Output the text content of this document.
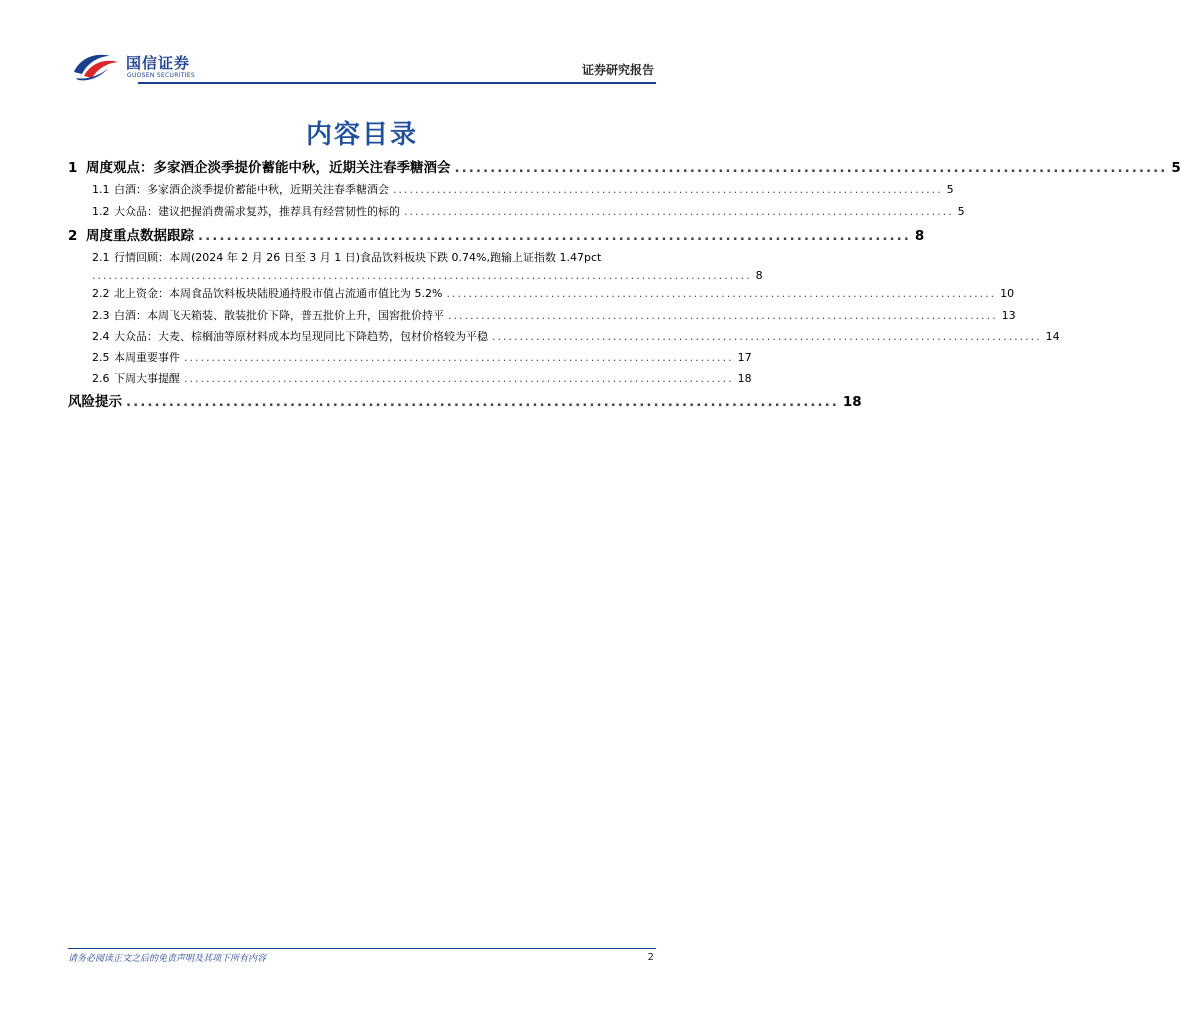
国信证券
GUOSEN SECURITIES	证券研究报告
内容目录
1 周度观点：多家酒企淡季提价蓄能中秋，近期关注春季糖酒会 .................................................................................................... 5
1.1 白酒：多家酒企淡季提价蓄能中秋，近期关注春季糖酒会 .................................................................................................... 5
1.2 大众品：建议把握消费需求复苏，推荐具有经营韧性的标的 .................................................................................................... 5
2 周度重点数据跟踪 .................................................................................................... 8
2.1 行情回顾：本周(2024 年 2 月 26 日至 3 月 1 日)食品饮料板块下跌 0.74%,跑输上证指数 1.47pct
........................................................................................................................ 8
2.2 北上资金：本周食品饮料板块陆股通持股市值占流通市值比为 5.2% .................................................................................................... 10
2.3 白酒：本周飞天箱装、散装批价下降，普五批价上升，国窖批价持平 .................................................................................................... 13
2.4 大众品：大麦、棕榈油等原材料成本均呈现同比下降趋势，包材价格较为平稳 .................................................................................................... 14
2.5 本周重要事件 .................................................................................................... 17
2.6 下周大事提醒 .................................................................................................... 18
风险提示 .................................................................................................... 18
请务必阅读正文之后的免责声明及其项下所有内容	2
